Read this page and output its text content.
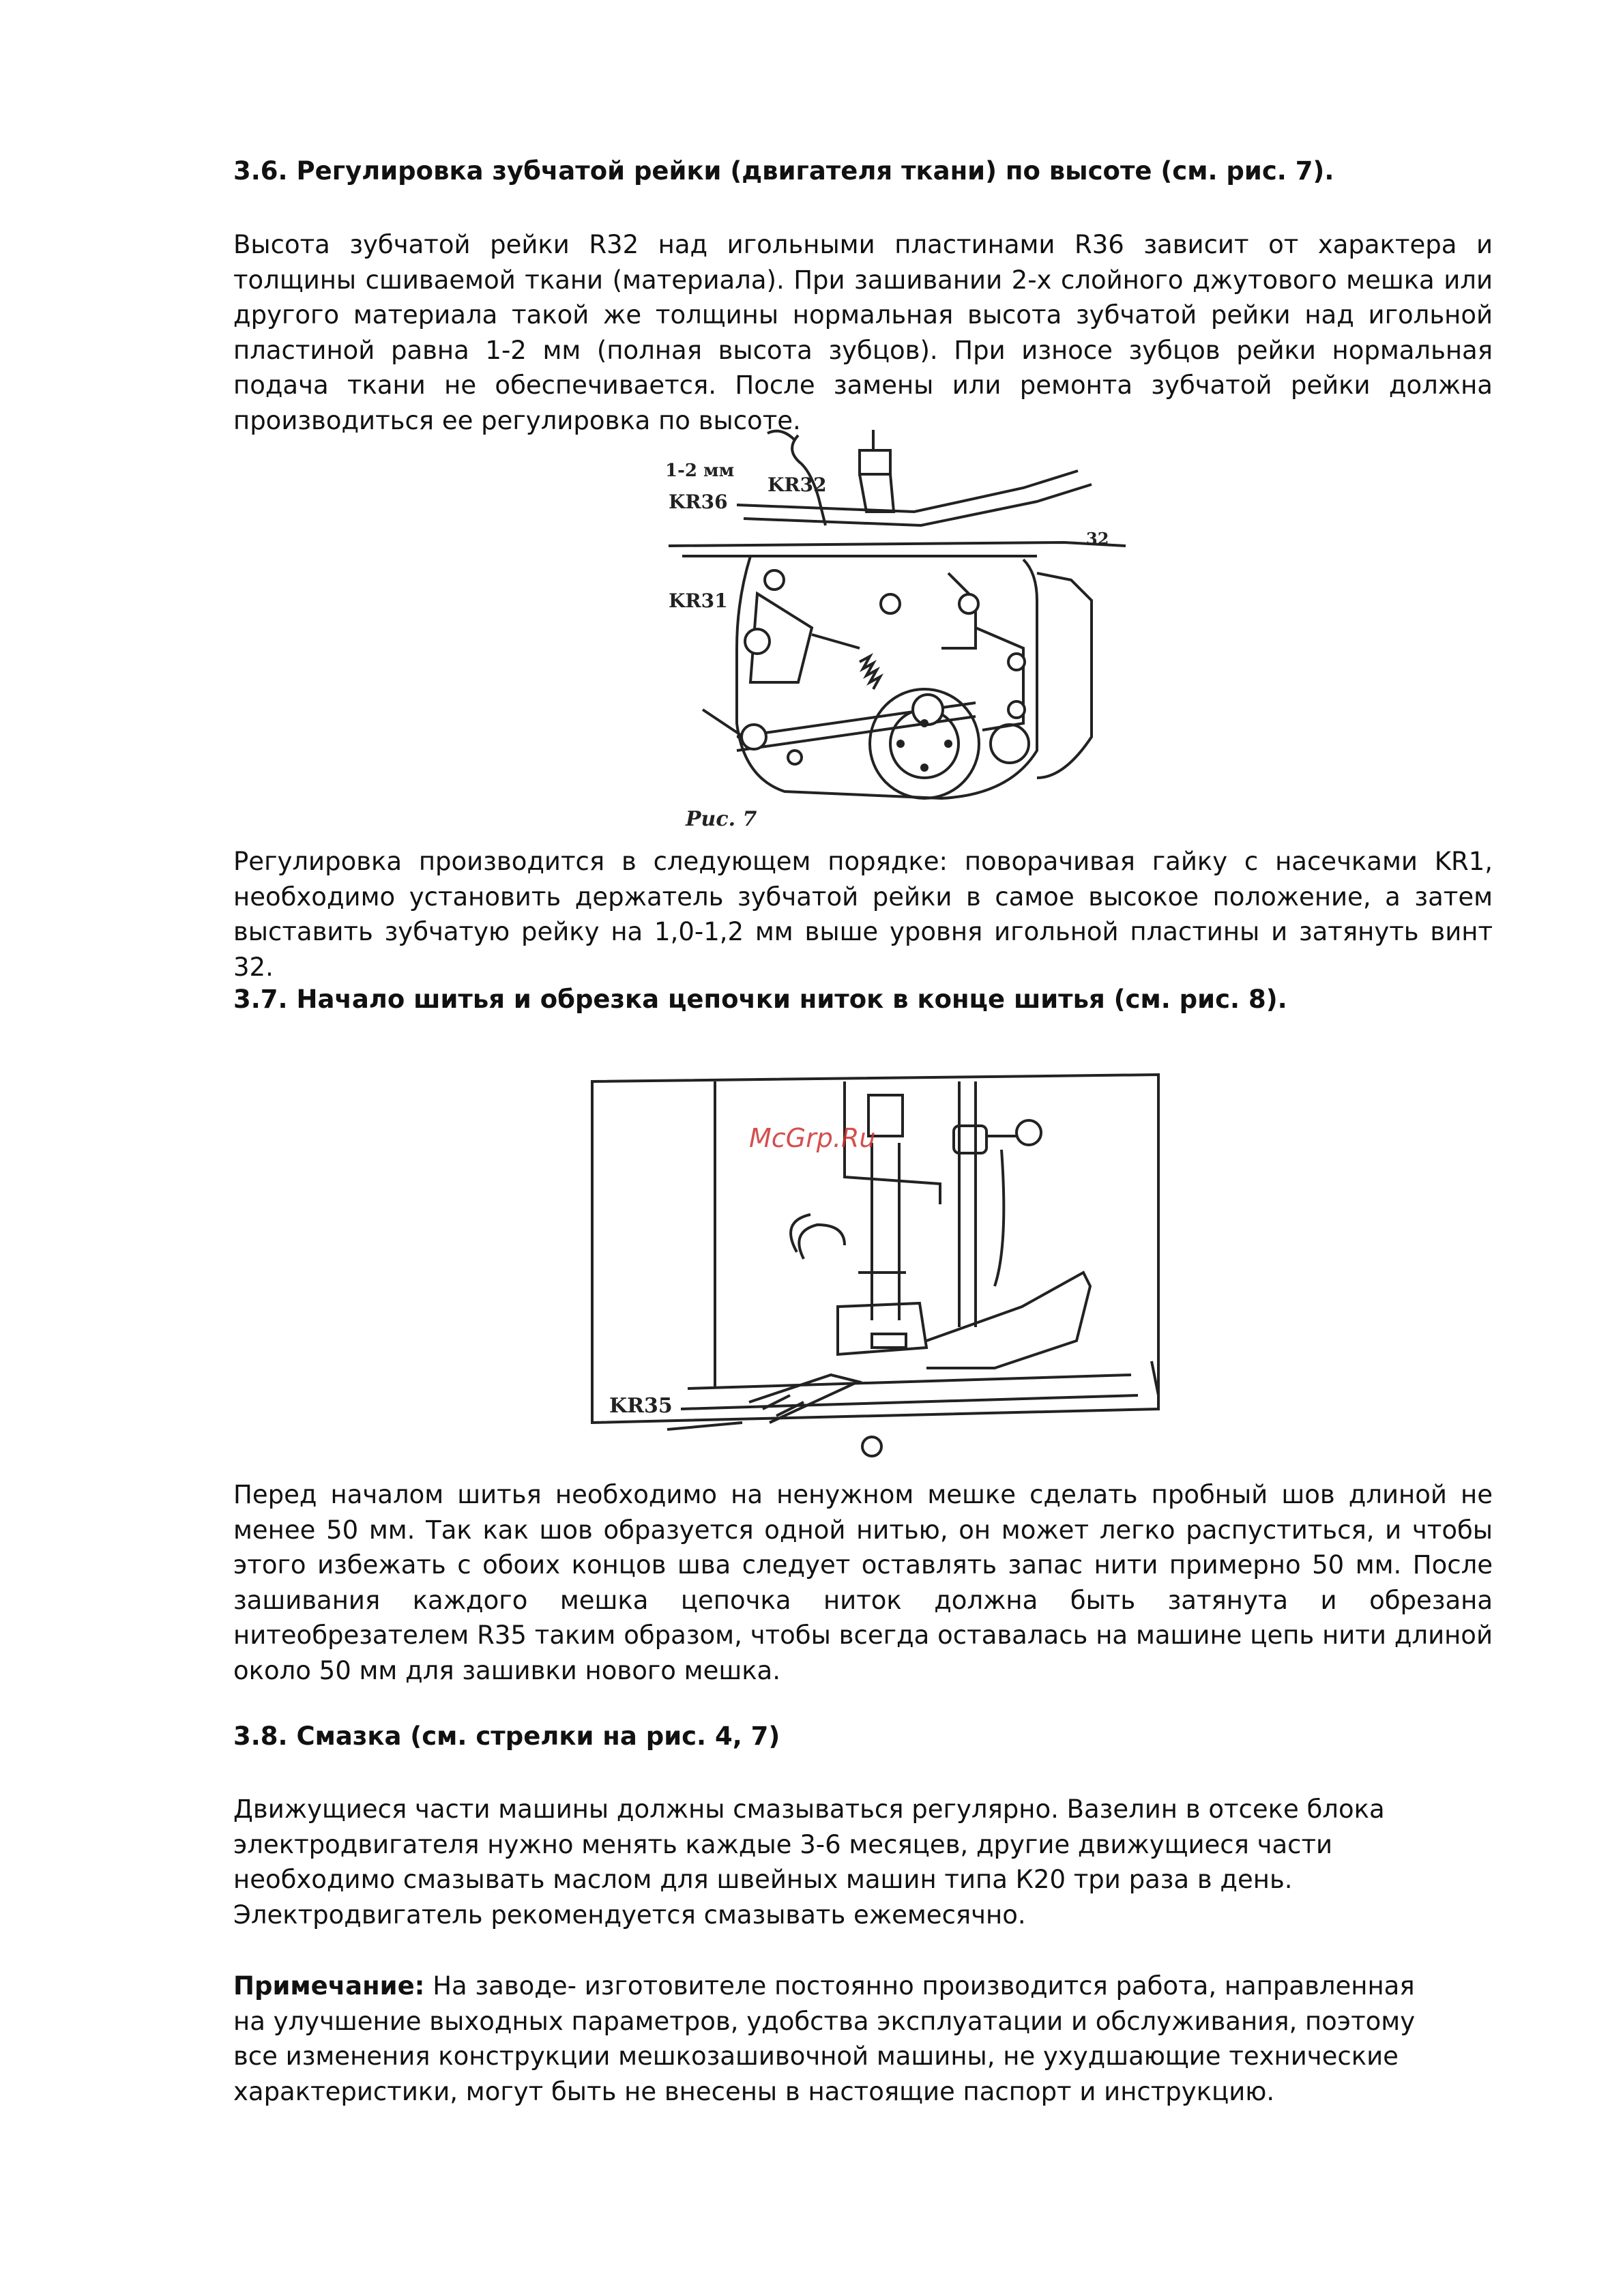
3.6. Регулировка зубчатой рейки (двигателя ткани) по высоте (см. рис. 7).

Высота зубчатой рейки R32 над игольными пластинами R36 зависит от характера и толщины сшиваемой ткани (материала). При зашивании 2-х слойного джутового мешка или другого материала такой же толщины нормальная высота зубчатой рейки над игольной пластиной равна 1-2 мм (полная высота зубцов). При износе зубцов рейки нормальная подача ткани не обеспечивается. После замены или ремонта зубчатой рейки должна производиться ее регулировка по высоте.

1-2 мм
KR32
KR36
KR31
32
Рис. 7

Регулировка производится в следующем порядке: поворачивая гайку с насечками KR1, необходимо установить держатель зубчатой рейки в самое высокое положение, а затем выставить зубчатую рейку на 1,0-1,2 мм выше уровня игольной пластины и затянуть винт 32.

3.7. Начало шитья и обрезка цепочки ниток в конце шитья (см. рис. 8).
KR35
McGrp.Ru

Перед началом шитья необходимо на ненужном мешке сделать пробный шов длиной не менее 50 мм. Так как шов образуется одной нитью, он может легко распуститься, и чтобы этого избежать с обоих концов шва следует оставлять запас нити примерно 50 мм. После зашивания каждого мешка цепочка ниток должна быть затянута и обрезана нитеобрезателем R35 таким образом, чтобы всегда оставалась на машине цепь нити длиной около 50 мм для зашивки нового мешка.

3.8. Смазка (см. стрелки на рис. 4, 7)

Движущиеся части машины должны смазываться регулярно. Вазелин в отсеке блока электродвигателя нужно менять каждые 3-6 месяцев, другие движущиеся части необходимо смазывать маслом для швейных машин типа К20 три раза в день. Электродвигатель рекомендуется смазывать ежемесячно.

Примечание: На заводе- изготовителе постоянно производится работа, направленная на улучшение выходных параметров, удобства эксплуатации и обслуживания, поэтому все изменения конструкции мешкозашивочной машины, не ухудшающие технические характеристики, могут быть не внесены в настоящие паспорт и инструкцию.
